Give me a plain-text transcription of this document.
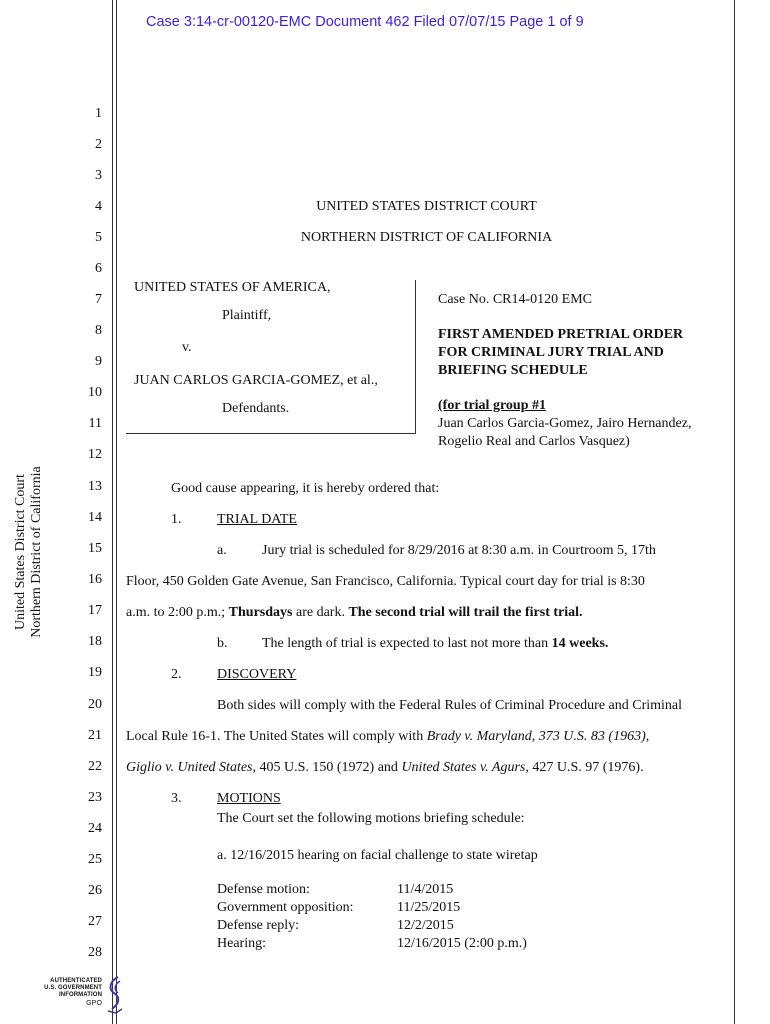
Case 3:14-cr-00120-EMC Document 462 Filed 07/07/15 Page 1 of 9
1
2
3
4
5
6
7
8
9
10
11
12
13
14
15
16
17
18
19
20
21
22
23
24
25
26
27
28
United States District Court Northern District of California
UNITED STATES DISTRICT COURT
NORTHERN DISTRICT OF CALIFORNIA
UNITED STATES OF AMERICA,
Plaintiff,
v.
JUAN CARLOS GARCIA-GOMEZ, et al.,
Defendants.
Case No. CR14-0120 EMC
FIRST AMENDED PRETRIAL ORDER
FOR CRIMINAL JURY TRIAL AND
BRIEFING SCHEDULE
(for trial group #1
Juan Carlos Garcia-Gomez, Jairo Hernandez,
Rogelio Real and Carlos Vasquez)
Good cause appearing, it is hereby ordered that:
1.	TRIAL DATE
a.	Jury trial is scheduled for 8/29/2016 at 8:30 a.m. in Courtroom 5, 17th
Floor, 450 Golden Gate Avenue, San Francisco, California. Typical court day for trial is 8:30
a.m. to 2:00 p.m.; Thursdays are dark. The second trial will trail the first trial.
b. The length of trial is expected to last not more than 14 weeks.
2.	DISCOVERY
Both sides will comply with the Federal Rules of Criminal Procedure and Criminal
Local Rule 16-1. The United States will comply with Brady v. Maryland, 373 U.S. 83 (1963),
Giglio v. United States, 405 U.S. 150 (1972) and United States v. Agurs, 427 U.S. 97 (1976).
3.	MOTIONS
The Court set the following motions briefing schedule:
a. 12/16/2015 hearing on facial challenge to state wiretap
Defense motion:	11/4/2015
Government opposition:	11/25/2015
Defense reply:	12/2/2015
Hearing:	12/16/2015 (2:00 p.m.)
AUTHENTICATED
U.S. GOVERNMENT
INFORMATION
GPO
